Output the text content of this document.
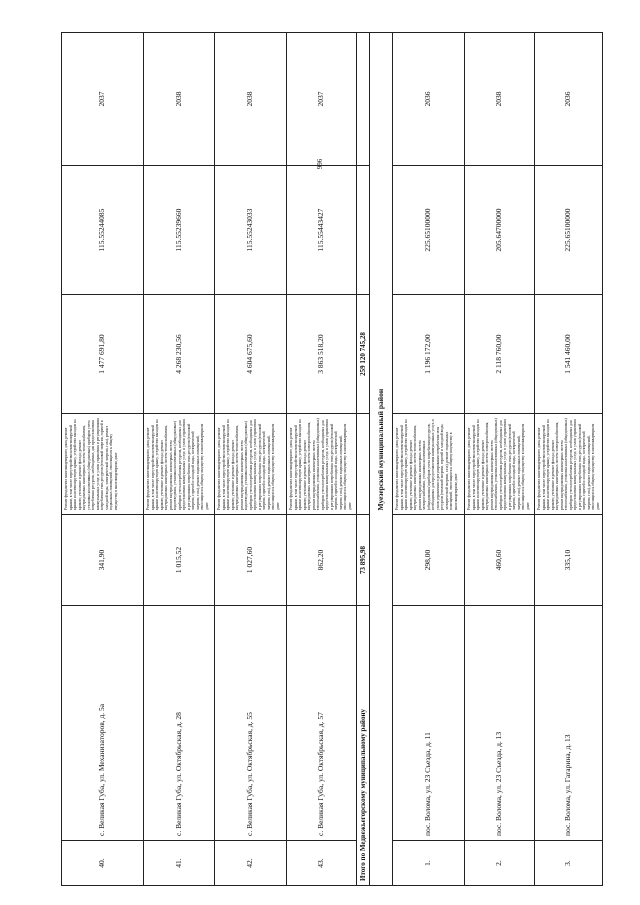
996
40.	с. Великая Губа, ул. Механизаторов, д. 5а	341,90	Ремонт фундамента многоквартирного дома; ремонт крыши, в том числе переустройство невентилируемой крыши на вентилируемую крышу, устройство выходов на кровлю; утепление и ремонт фасада; ремонт внутридомовых инженерных систем теплоснабжения, установка коллективных (общедомовых) приборов учета потребления ресурсов, необходимых для предоставления коммунальных услуг, и узлов управления и регулирования потребления этих ресурсов (тепловой энергии, горячей и холодной воды, электрической энергии, газа), ремонт подвальных помещений, относящихся к общему имуществу в многоквартирном доме	1 477 691,80	115.55244085	2037
41.	с. Великая Губа, ул. Октябрьская, д. 28	1 015,52	Ремонт фундамента многоквартирного дома; ремонт крыши, в том числе переустройство невентилируемой крыши на вентилируемую крышу, устройство выходов на кровлю; утепление и ремонт фасада; ремонт внутридомовых инженерных систем теплоснабжения, ремонт внутридомовых инженерных систем водоотведения, установка коллективных (общедомовых) приборов учета потребления ресурсов, необходимых для предоставления коммунальных услуг, и узлов управления и регулирования потребления этих ресурсов (тепловой энергии, горячей и холодной воды, электрической энергии, газа), ремонт подвальных помещений, относящихся к общему имуществу в многоквартирном доме	4 268 230,56	115.55239660	2038
42.	с. Великая Губа, ул. Октябрьская, д. 55	1 027,60	Ремонт фундамента многоквартирного дома; ремонт крыши, в том числе переустройство невентилируемой крыши на вентилируемую крышу, устройство выходов на кровлю; утепление и ремонт фасада; ремонт внутридомовых инженерных систем теплоснабжения, ремонт внутридомовых инженерных систем водоотведения, установка коллективных (общедомовых) приборов учета потребления ресурсов, необходимых для предоставления коммунальных услуг, и узлов управления и регулирования потребления этих ресурсов (тепловой энергии, горячей и холодной воды, электрической энергии, газа), ремонт подвальных помещений, относящихся к общему имуществу в многоквартирном доме	4 604 675,60	115.55243033	2038
43.	с. Великая Губа, ул. Октябрьская, д. 57	862,20	Ремонт фундамента многоквартирного дома; ремонт крыши, в том числе переустройство невентилируемой крыши на вентилируемую крышу, устройство выходов на кровлю; утепление и ремонт фасада; ремонт внутридомовых инженерных систем электроснабжения, ремонт внутридомовых инженерных систем теплоснабжения, установка коллективных (общедомовых) приборов учета потребления ресурсов, необходимых для предоставления коммунальных услуг, и узлов управления и регулирования потребления этих ресурсов (тепловой энергии, горячей и холодной воды, электрической энергии, газа), ремонт подвальных помещений, относящихся к общему имуществу в многоквартирном доме	3 863 518,20	115.55443427	2037
Итого по Медвежьегорскому муниципальному району		73 895,98		259 120 745,28		
			Муезерский муниципальный район			
1.	пос. Волома, ул. 23 Съезда, д. 11	298,00	Ремонт фундамента многоквартирного дома; ремонт крыши, в том числе переустройство невентилируемой крыши на вентилируемую крышу, устройство выходов на кровлю; утепление и ремонт фасада; ремонт внутридомовых инженерных систем теплоснабжения, ремонт внутридомовых инженерных систем электроснабжения, установка коллективных (общедомовых) приборов учета потребления ресурсов, необходимых для предоставления коммунальных услуг, и узлов управления и регулирования потребления этих ресурсов (тепловой энергии, горячей и холодной воды, электрической энергии, газа), ремонт подвальных помещений, относящихся к общему имуществу в многоквартирном доме	1 196 172,00	225.65100000	2036
2.	пос. Волома, ул. 23 Съезда, д. 13	460,60	Ремонт фундамента многоквартирного дома; ремонт крыши, в том числе переустройство невентилируемой крыши на вентилируемую крышу, устройство выходов на кровлю; утепление и ремонт фасада; ремонт внутридомовых инженерных систем электроснабжения, ремонт внутридомовых инженерных систем теплоснабжения, установка коллективных (общедомовых) приборов учета потребления ресурсов, необходимых для предоставления коммунальных услуг, и узлов управления и регулирования потребления этих ресурсов (тепловой энергии, горячей и холодной воды, электрической энергии, газа), ремонт подвальных помещений, относящихся к общему имуществу в многоквартирном доме	2 118 760,00	205.64700000	2038
3.	пос. Волома, ул. Гагарина, д. 13	335,10	Ремонт фундамента многоквартирного дома; ремонт крыши, в том числе переустройство невентилируемой крыши на вентилируемую крышу, устройство выходов на кровлю; утепление и ремонт фасада; ремонт внутридомовых инженерных систем электроснабжения, ремонт внутридомовых инженерных систем теплоснабжения, установка коллективных (общедомовых) приборов учета потребления ресурсов, необходимых для предоставления коммунальных услуг, и узлов управления и регулирования потребления этих ресурсов (тепловой энергии, горячей и холодной воды, электрической энергии, газа), ремонт подвальных помещений, относящихся к общему имуществу в многоквартирном доме	1 541 460,00	225.65100000	2036
